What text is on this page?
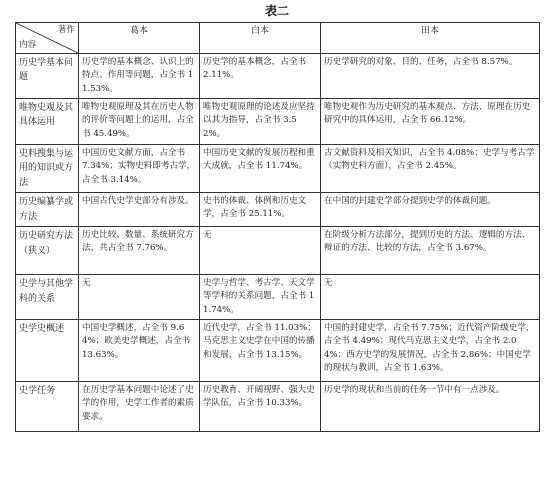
表二
著作
内容	葛本	白本	田本
历史学基本问题	历史学的基本概念、认识上的特点、作用等问题，占全书 11.53%。	历史学的基本概念，占全书 2.11%。	历史学研究的对象、目的、任务，占全书 8.57%。
唯物史观及其具体运用	唯物史观原理及其在历史人物的评价等问题上的运用，占全书 45.49%。	唯物史观原理的论述及应坚持以其为指导，占全书 3.52%。	唯物史观作为历史研究的基本观点、方法、原理在历史研究中的具体运用，占全书 66.12%。
史料搜集与运用的知识或方法	中国历史文献方面，占全书 7.34%；实物史料即考古学，占全书 3.14%。	中国历史文献的发展历程和重大成就，占全书 11.74%。	古文献资料及相关知识，占全书 4.08%；史学与考古学（实物史料方面），占全书 2.45%。
历史编纂学或方法	中国古代史学史部分有涉及。	史书的体裁、体例和历史文学，占全书 25.11%。	在中国的封建史学部分提到史学的体裁问题。
历史研究方法（狭义）	历史比较、数量、系统研究方法，共占全书 7.76%。	无	在阶级分析方法部分，提到历史的方法、逻辑的方法、辩证的方法、比较的方法，占全书 3.67%。
史学与其他学科的关系	无	史学与哲学、考古学、天文学等学科的关系问题，占全书 11.74%。	无
史学史概述	中国史学概述，占全书 9.64%；欧美史学概述，占全书 13.63%。	近代史学，占全书 11.03%；马克思主义史学在中国的传播和发展，占全书 13.15%。	中国的封建史学，占全书 7.75%；近代资产阶级史学，占全书 4.49%；现代马克思主义史学，占全书 2.04%；西方史学的发展情况，占全书 2.86%；中国史学的现状与教训，占全书 1.63%。
史学任务	在历史学基本问题中论述了史学的作用，史学工作者的素质要求。	历史教育、开阔视野、强大史学队伍，占全书 10.33%。	历史学的现状和当前的任务一节中有一点涉及。
